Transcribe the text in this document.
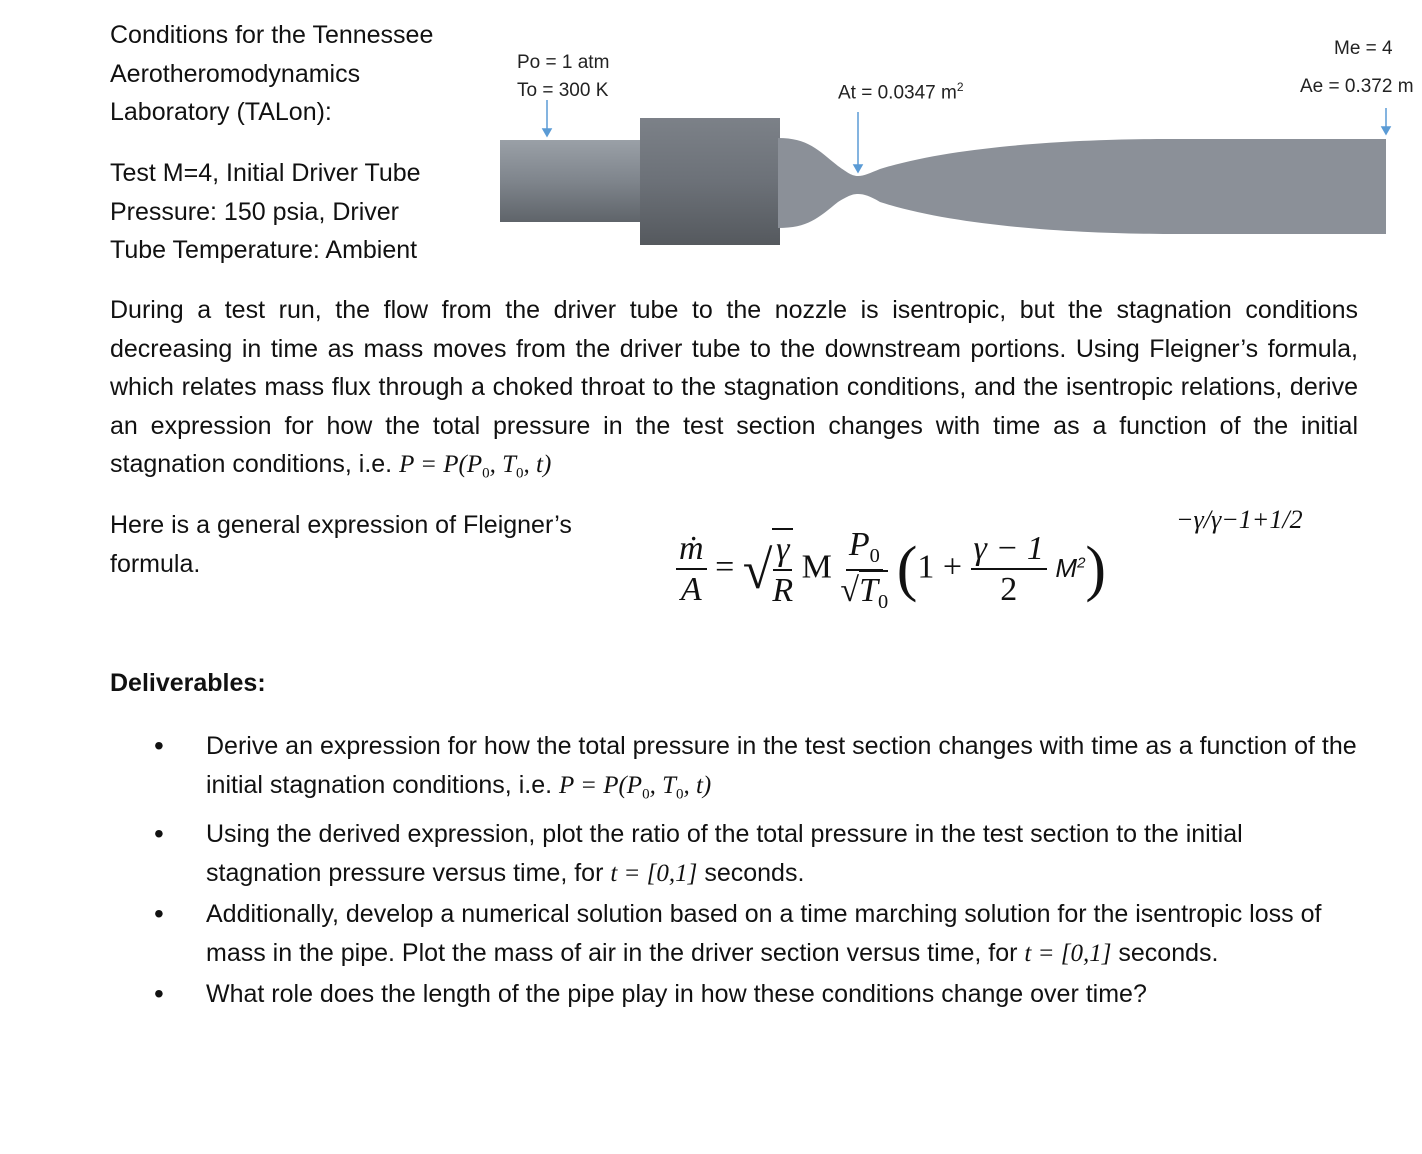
Conditions for the Tennessee
Aerotheromodynamics
Laboratory (TALon):
Test M=4, Initial Driver Tube
Pressure: 150 psia, Driver
Tube Temperature: Ambient
Po = 1 atm
To = 300 K	At = 0.0347 $m^2$
Me = 4
Ae = 0.372 m
During a test run, the flow from the driver tube to the nozzle is isentropic, but the stagnation conditions decreasing in time as mass moves from the driver tube to the downstream portions. Using Fleigner’s formula, which relates mass flux through a choked throat to the stagnation conditions, and the isentropic relations, derive an expression for how the total pressure in the test section changes with time as a function of the initial stagnation conditions, i.e. $P = P(P_0$, $T_0$, t)
Here is a general expression of Fleigner’s
formula.	$\frac{\text{ṁ}}{A}$ = √ $\frac{\gamma}{R}$ M $\frac{P_0}{√T_0} (1 + \frac{\gamma - 1}{2} M^2)$
−γ/γ−1+1/2
Deliverables:
• Derive an expression for how the total pressure in the test section changes with time as a function of the initial stagnation conditions, i.e. $P = P(P_0$, $T_0$, t)
• Using the derived expression, plot the ratio of the total pressure in the test section to the initial stagnation pressure versus time, for t = [0,1] seconds.
• Additionally, develop a numerical solution based on a time marching solution for the isentropic loss of mass in the pipe. Plot the mass of air in the driver section versus time, for t = [0,1] seconds.
• What role does the length of the pipe play in how these conditions change over time?
